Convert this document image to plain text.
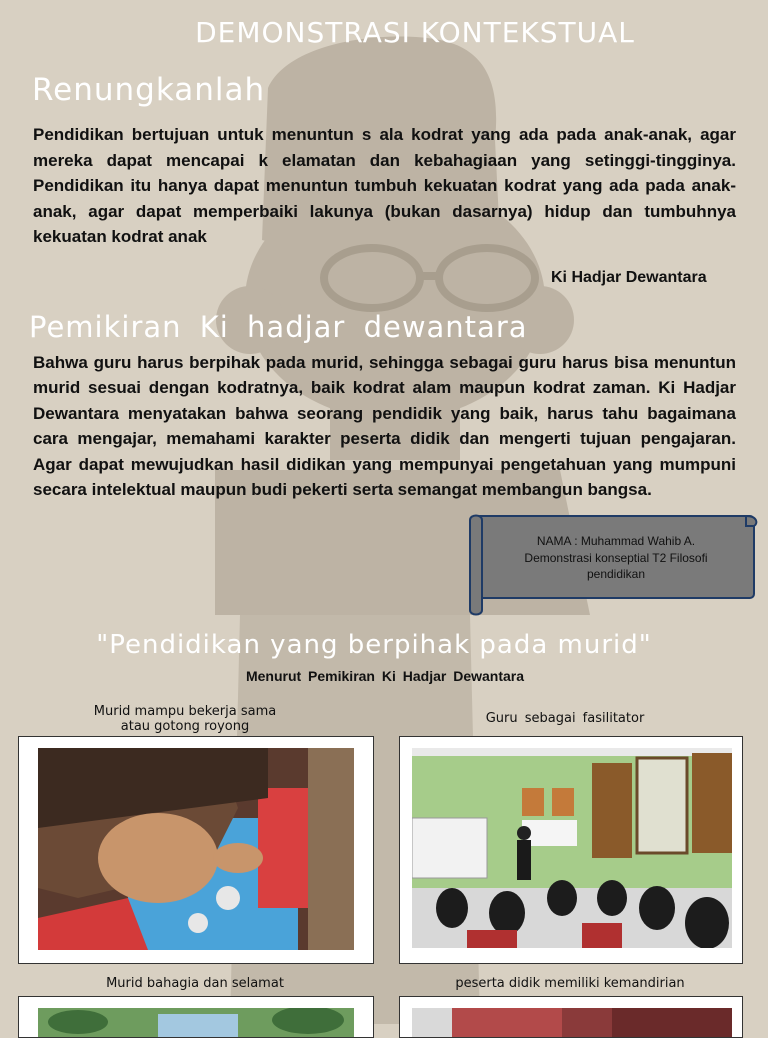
DEMONSTRASI KONTEKSTUAL
Renungkanlah
Pendidikan bertujuan untuk menuntun s ala kodrat yang ada pada anak-anak, agar mereka dapat mencapai k elamatan dan kebahagiaan yang setinggi-tingginya. Pendidikan itu hanya dapat menuntun tumbuh kekuatan kodrat yang ada pada anak-anak, agar dapat memperbaiki lakunya (bukan dasarnya) hidup dan tumbuhnya kekuatan kodrat anak
Ki Hadjar Dewantara
Pemikiran Ki hadjar dewantara
Bahwa guru harus berpihak pada murid, sehingga sebagai guru harus bisa menuntun murid sesuai dengan kodratnya, baik kodrat alam maupun kodrat zaman. Ki Hadjar Dewantara menyatakan bahwa seorang pendidik yang baik, harus tahu bagaimana cara mengajar, memahami karakter peserta didik dan mengerti tujuan pengajaran. Agar dapat mewujudkan hasil didikan yang mempunyai pengetahuan yang mumpuni secara intelektual maupun budi pekerti serta semangat membangun bangsa.
NAMA : Muhammad Wahib A.
Demonstrasi konseptial T2 Filosofi pendidikan
"Pendidikan yang berpihak pada murid"
Menurut Pemikiran Ki Hadjar Dewantara
Murid mampu bekerja sama atau gotong royong
Guru sebagai fasilitator
Murid bahagia dan selamat	peserta didik memiliki kemandirian
